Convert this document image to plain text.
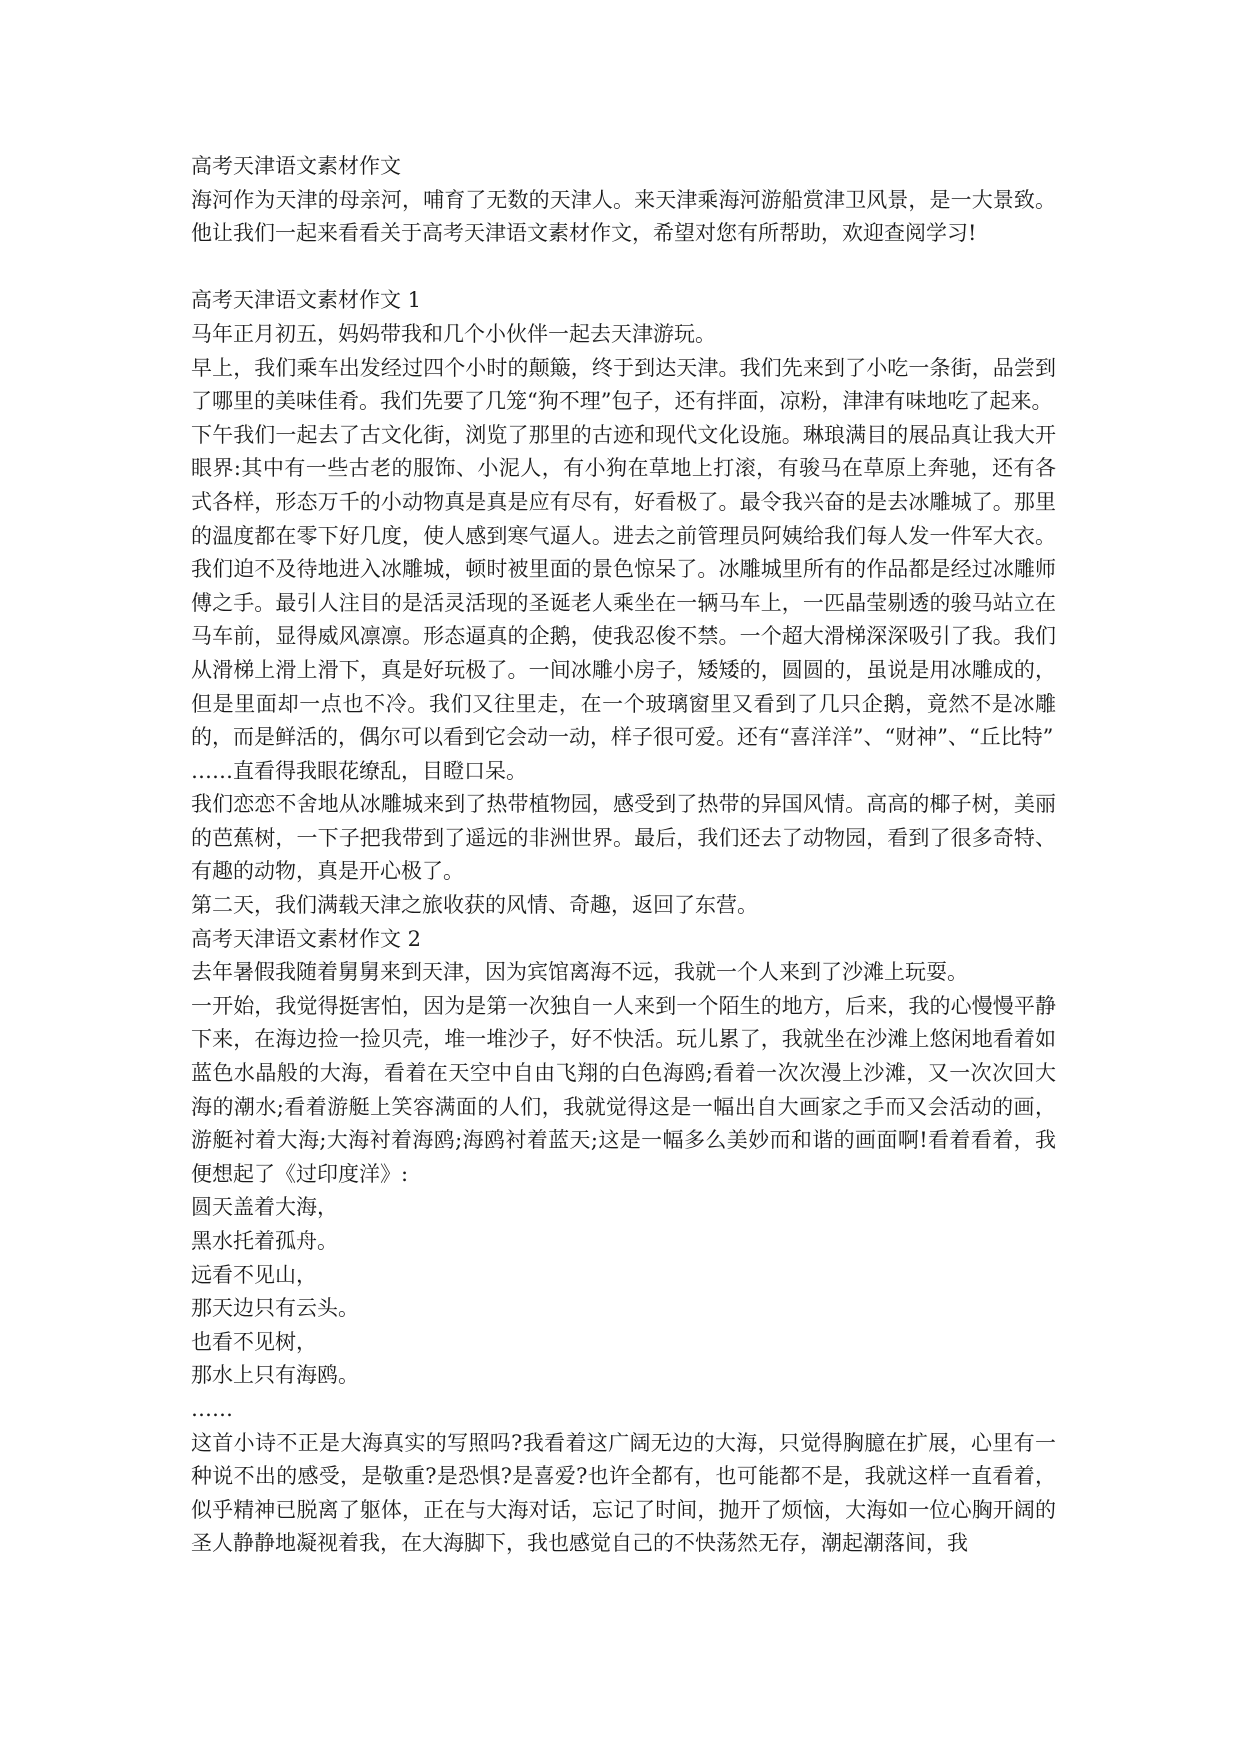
高考天津语文素材作文

海河作为天津的母亲河，哺育了无数的天津人。来天津乘海河游船赏津卫风景，是一大景致。他让我们一起来看看关于高考天津语文素材作文，希望对您有所帮助，欢迎查阅学习!

高考天津语文素材作文 1

马年正月初五，妈妈带我和几个小伙伴一起去天津游玩。

早上，我们乘车出发经过四个小时的颠簸，终于到达天津。我们先来到了小吃一条街，品尝到了哪里的美味佳肴。我们先要了几笼“狗不理”包子，还有拌面，凉粉，津津有味地吃了起来。

下午我们一起去了古文化街，浏览了那里的古迹和现代文化设施。琳琅满目的展品真让我大开眼界:其中有一些古老的服饰、小泥人，有小狗在草地上打滚，有骏马在草原上奔驰，还有各式各样，形态万千的小动物真是真是应有尽有，好看极了。最令我兴奋的是去冰雕城了。那里的温度都在零下好几度，使人感到寒气逼人。进去之前管理员阿姨给我们每人发一件军大衣。我们迫不及待地进入冰雕城，顿时被里面的景色惊呆了。冰雕城里所有的作品都是经过冰雕师傅之手。最引人注目的是活灵活现的圣诞老人乘坐在一辆马车上，一匹晶莹剔透的骏马站立在马车前，显得威风凛凛。形态逼真的企鹅，使我忍俊不禁。一个超大滑梯深深吸引了我。我们从滑梯上滑上滑下，真是好玩极了。一间冰雕小房子，矮矮的，圆圆的，虽说是用冰雕成的，但是里面却一点也不冷。我们又往里走，在一个玻璃窗里又看到了几只企鹅，竟然不是冰雕的，而是鲜活的，偶尔可以看到它会动一动，样子很可爱。还有“喜洋洋”、“财神”、“丘比特”

……直看得我眼花缭乱，目瞪口呆。

我们恋恋不舍地从冰雕城来到了热带植物园，感受到了热带的异国风情。高高的椰子树，美丽的芭蕉树，一下子把我带到了遥远的非洲世界。最后，我们还去了动物园，看到了很多奇特、有趣的动物，真是开心极了。

第二天，我们满载天津之旅收获的风情、奇趣，返回了东营。

高考天津语文素材作文 2

去年暑假我随着舅舅来到天津，因为宾馆离海不远，我就一个人来到了沙滩上玩耍。

一开始，我觉得挺害怕，因为是第一次独自一人来到一个陌生的地方，后来，我的心慢慢平静下来，在海边捡一捡贝壳，堆一堆沙子，好不快活。玩儿累了，我就坐在沙滩上悠闲地看着如蓝色水晶般的大海，看着在天空中自由飞翔的白色海鸥;看着一次次漫上沙滩，又一次次回大海的潮水;看着游艇上笑容满面的人们，我就觉得这是一幅出自大画家之手而又会活动的画，游艇衬着大海;大海衬着海鸥;海鸥衬着蓝天;这是一幅多么美妙而和谐的画面啊!看着看着，我便想起了《过印度洋》:

圆天盖着大海，

黑水托着孤舟。

远看不见山，

那天边只有云头。

也看不见树，

那水上只有海鸥。

……

这首小诗不正是大海真实的写照吗?我看着这广阔无边的大海，只觉得胸臆在扩展，心里有一种说不出的感受，是敬重?是恐惧?是喜爱?也许全都有，也可能都不是，我就这样一直看着，似乎精神已脱离了躯体，正在与大海对话，忘记了时间，抛开了烦恼，大海如一位心胸开阔的圣人静静地凝视着我，在大海脚下，我也感觉自己的不快荡然无存，潮起潮落间，我
